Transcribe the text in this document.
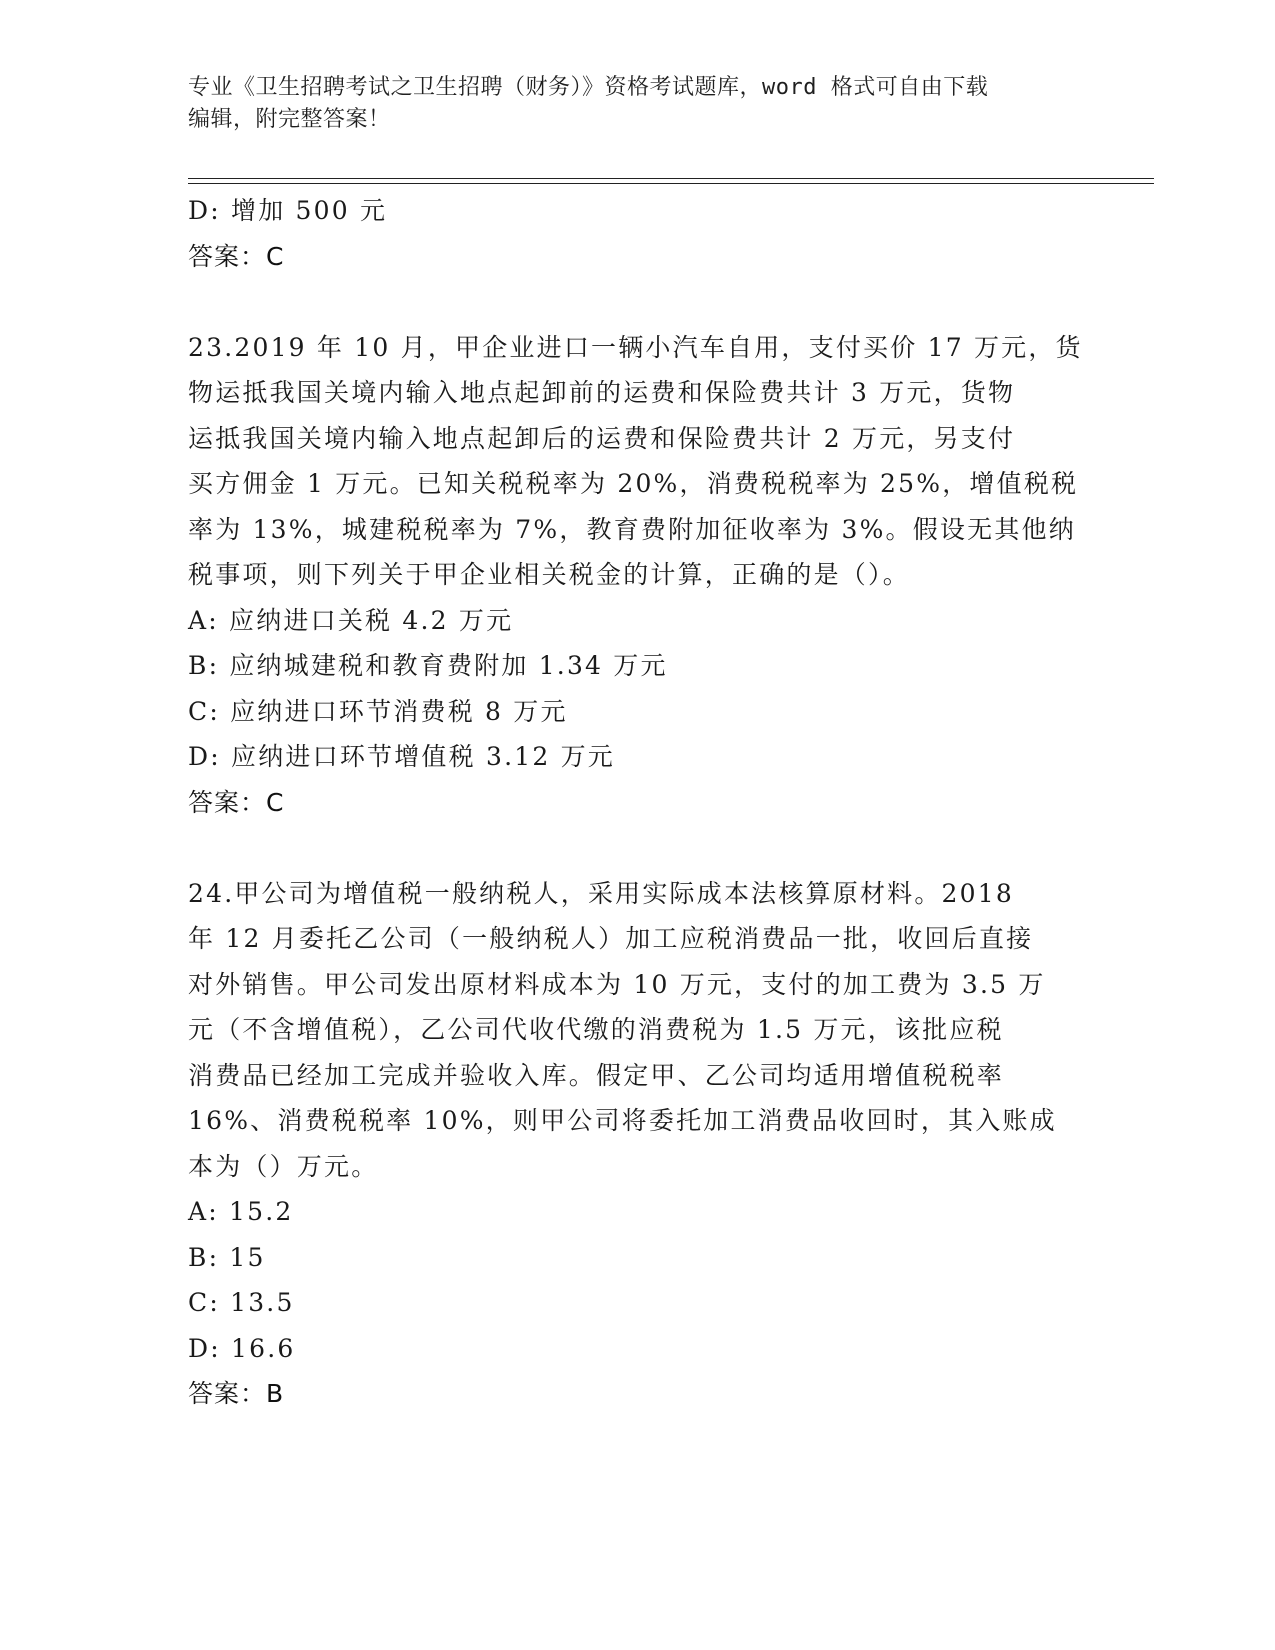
专业《卫生招聘考试之卫生招聘（财务）》资格考试题库，word 格式可自由下载
编辑，附完整答案！
D: 增加 500 元
答案：C
23.2019 年 10 月，甲企业进口一辆小汽车自用，支付买价 17 万元，货
物运抵我国关境内输入地点起卸前的运费和保险费共计 3 万元，货物
运抵我国关境内输入地点起卸后的运费和保险费共计 2 万元，另支付
买方佣金 1 万元。已知关税税率为 20%，消费税税率为 25%，增值税税
率为 13%，城建税税率为 7%，教育费附加征收率为 3%。假设无其他纳
税事项，则下列关于甲企业相关税金的计算，正确的是（）。
A: 应纳进口关税 4.2 万元
B: 应纳城建税和教育费附加 1.34 万元
C: 应纳进口环节消费税 8 万元
D: 应纳进口环节增值税 3.12 万元
答案：C
24.甲公司为增值税一般纳税人，采用实际成本法核算原材料。2018
年 12 月委托乙公司（一般纳税人）加工应税消费品一批，收回后直接
对外销售。甲公司发出原材料成本为 10 万元，支付的加工费为 3.5 万
元（不含增值税），乙公司代收代缴的消费税为 1.5 万元，该批应税
消费品已经加工完成并验收入库。假定甲、乙公司均适用增值税税率
16%、消费税税率 10%，则甲公司将委托加工消费品收回时，其入账成
本为（）万元。
A: 15.2
B: 15
C: 13.5
D: 16.6
答案：B
